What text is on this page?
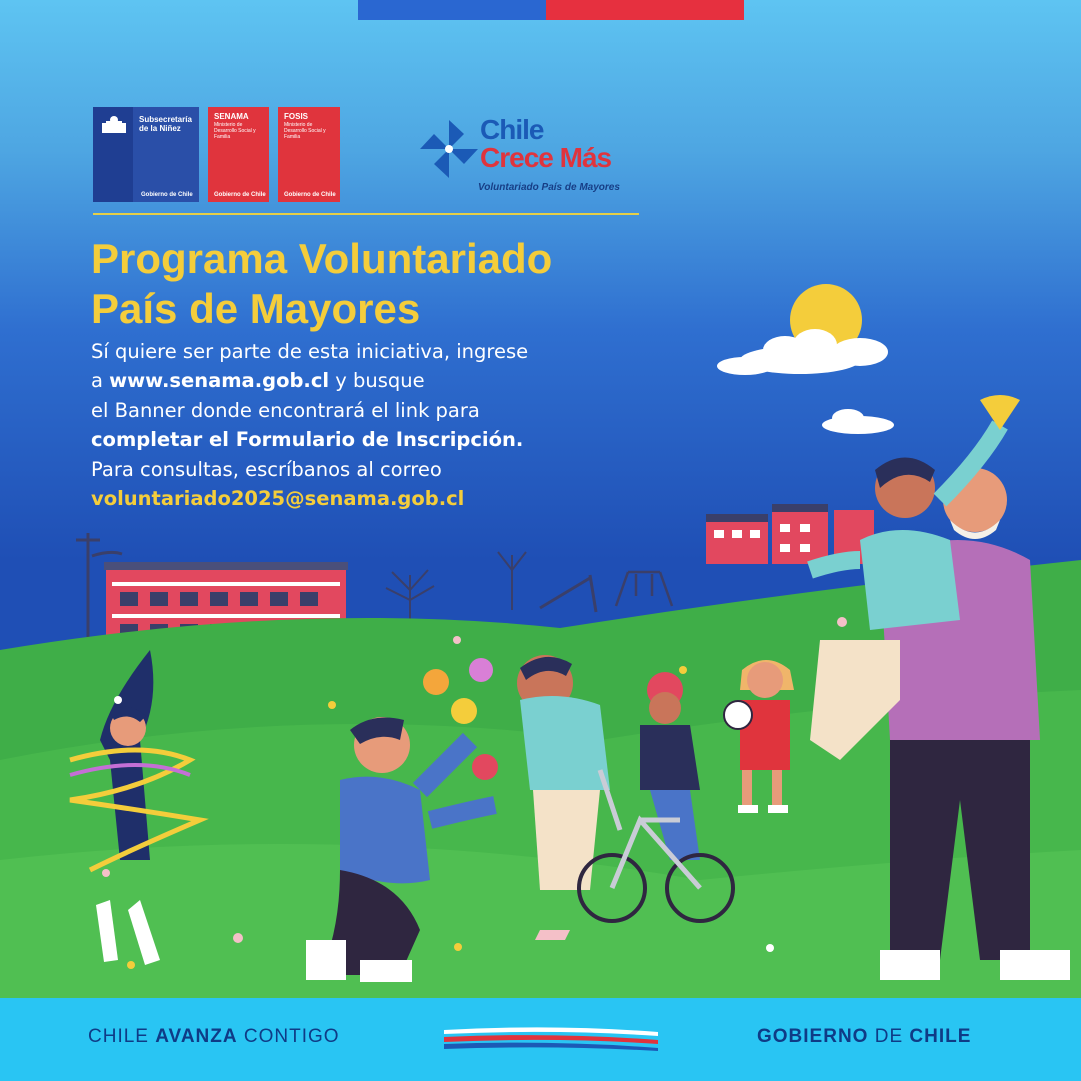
Subsecretaría de la Niñez
Gobierno de Chile
SENAMA
Ministerio de Desarrollo Social y Familia
Gobierno de Chile
FOSIS
Ministerio de Desarrollo Social y Familia
Gobierno de Chile
Chile
Crece Más
Voluntariado País de Mayores
Programa Voluntariado
País de Mayores
Sí quiere ser parte de esta iniciativa, ingrese
a www.senama.gob.cl y busque
el Banner donde encontrará el link para
completar el Formulario de Inscripción.
Para consultas, escríbanos al correo
voluntariado2025@senama.gob.cl
CHILE AVANZA CONTIGO	GOBIERNO DE CHILE
